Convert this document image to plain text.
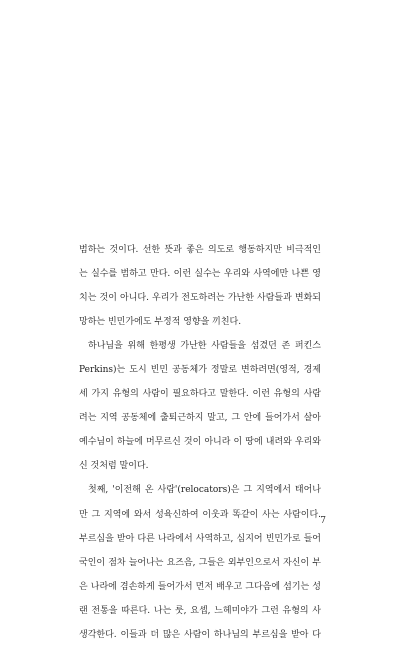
범하는 것이다. 선한 뜻과 좋은 의도로 행동하지만 비극적인
는 실수를 범하고 만다. 이런 실수는 우리와 사역에만 나쁜 영
치는 것이 아니다. 우리가 전도하려는 가난한 사람들과 변화되
망하는 빈민가에도 부정적 영향을 끼친다.
하나님을 위해 한평생 가난한 사람들을 섬겼던 존 퍼킨스
Perkins)는 도시 빈민 공동체가 정말로 변하려면(영적, 경제
세 가지 유형의 사람이 필요하다고 말한다. 이런 유형의 사람
려는 지역 공동체에 출퇴근하지 말고, 그 안에 들어가서 살아
예수님이 하늘에 머무르신 것이 아니라 이 땅에 내려와 우리와
신 것처럼 말이다.
첫째, '이전해 온 사람'(relocators)은 그 지역에서 태어나
만 그 지역에 와서 성육신하여 이웃과 똑같이 사는 사람이다.
부르심을 받아 다른 나라에서 사역하고, 심지어 빈민가로 들어
국인이 점차 늘어나는 요즈음, 그들은 외부인으로서 자신이 부
은 나라에 겸손하게 들어가서 먼저 배우고 그다음에 섬기는 성
랜 전통을 따른다. 나는 룻, 요셉, 느헤미야가 그런 유형의 사
생각한다. 이들과 더 많은 사람이 하나님의 부르심을 받아 다
7
